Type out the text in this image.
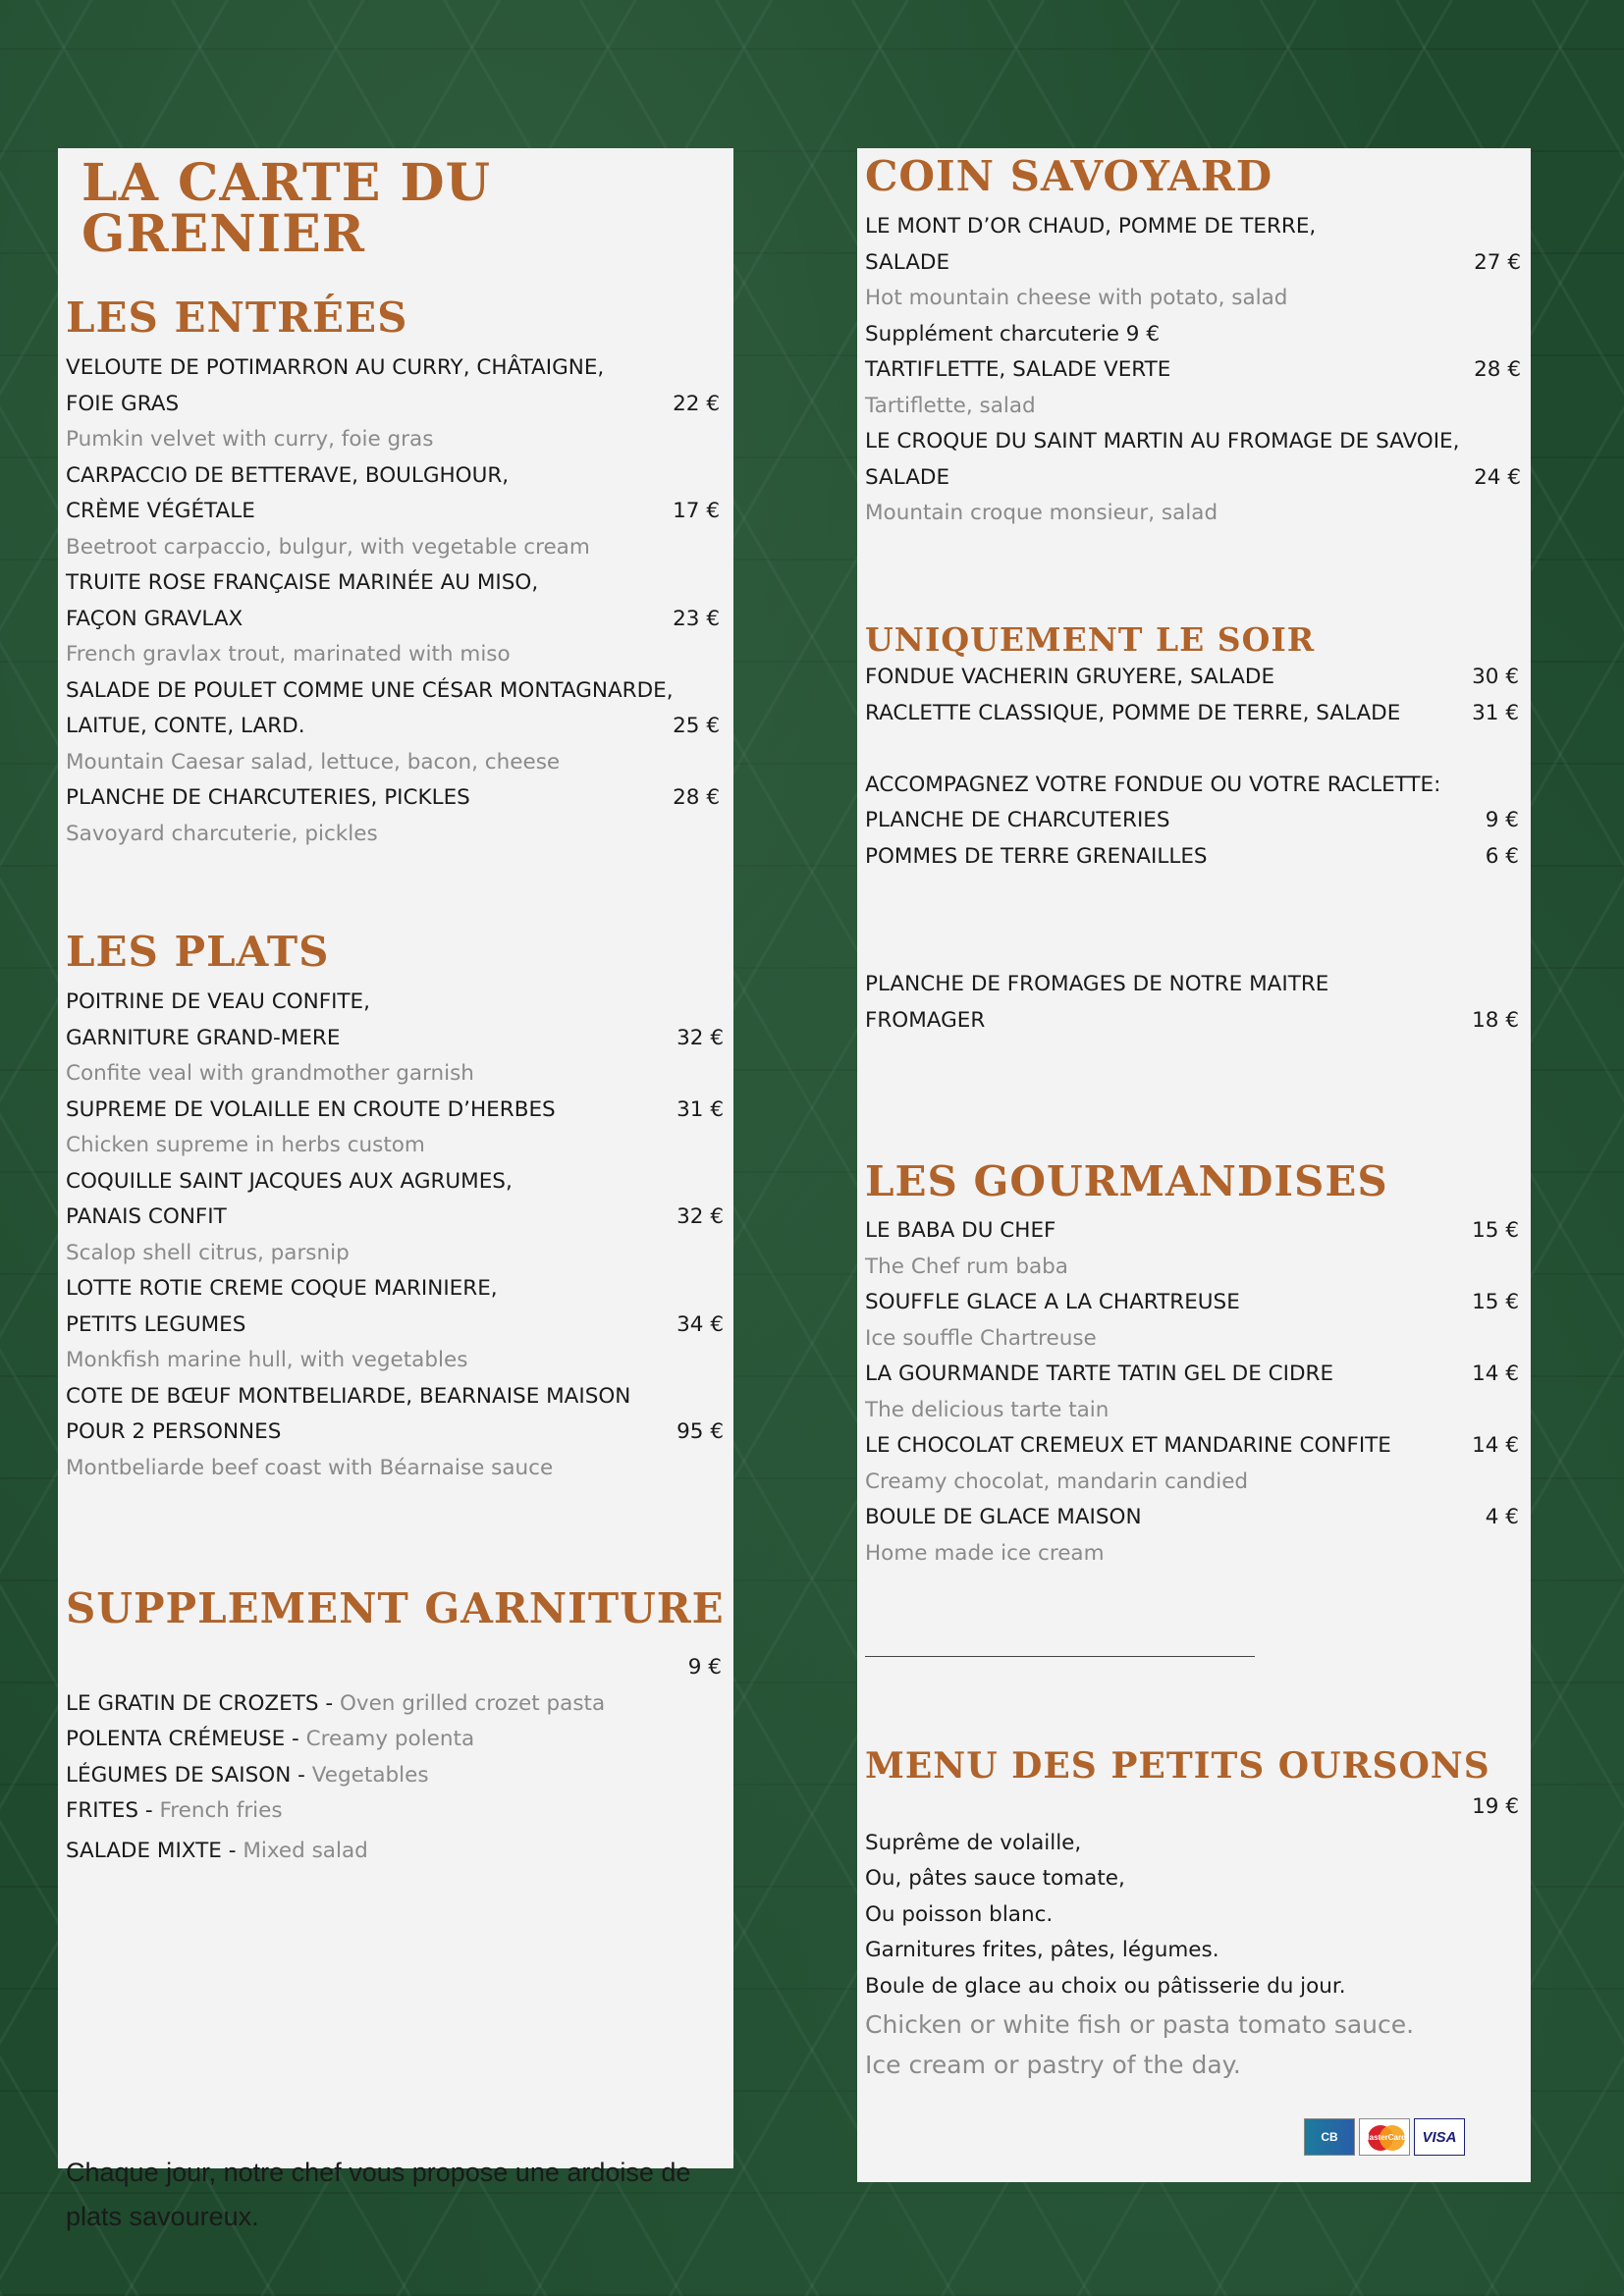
LA CARTE DU GRENIER
LES ENTRÉES
VELOUTE DE POTIMARRON AU CURRY, CHÂTAIGNE,
FOIE GRAS	22 €
Pumkin velvet with curry, foie gras
CARPACCIO DE BETTERAVE, BOULGHOUR,
CRÈME VÉGÉTALE	17 €
Beetroot carpaccio, bulgur, with vegetable cream
TRUITE ROSE FRANÇAISE MARINÉE AU MISO,
FAÇON GRAVLAX	23 €
French gravlax trout, marinated with miso
SALADE DE POULET COMME UNE CÉSAR MONTAGNARDE,
LAITUE, CONTE, LARD.	25 €
Mountain Caesar salad, lettuce, bacon, cheese
PLANCHE DE CHARCUTERIES, PICKLES	28 €
Savoyard charcuterie, pickles
LES PLATS
POITRINE DE VEAU CONFITE,
GARNITURE GRAND-MERE	32 €
Confite veal with grandmother garnish
SUPREME DE VOLAILLE EN CROUTE D’HERBES	31 €
Chicken supreme in herbs custom
COQUILLE SAINT JACQUES AUX AGRUMES,
PANAIS CONFIT	32 €
Scalop shell citrus, parsnip
LOTTE ROTIE CREME COQUE MARINIERE,
PETITS LEGUMES	34 €
Monkfish marine hull, with vegetables
COTE DE BŒUF MONTBELIARDE, BEARNAISE MAISON
POUR 2 PERSONNES	95 €
Montbeliarde beef coast with Béarnaise sauce
SUPPLEMENT GARNITURE
9 €
LE GRATIN DE CROZETS - Oven grilled crozet pasta
POLENTA CRÉMEUSE - Creamy polenta
LÉGUMES DE SAISON - Vegetables
FRITES - French fries
SALADE MIXTE - Mixed salad
Chaque jour, notre chef vous propose une ardoise de
plats savoureux.
COIN SAVOYARD
LE MONT D’OR CHAUD, POMME DE TERRE,
SALADE	27 €
Hot mountain cheese with potato, salad
Supplément charcuterie 9 €
TARTIFLETTE, SALADE VERTE	28 €
Tartiflette, salad
LE CROQUE DU SAINT MARTIN AU FROMAGE DE SAVOIE,
SALADE	24 €
Mountain croque monsieur, salad
UNIQUEMENT LE SOIR
FONDUE VACHERIN GRUYERE, SALADE	30 €
RACLETTE CLASSIQUE, POMME DE TERRE, SALADE	31 €
ACCOMPAGNEZ VOTRE FONDUE OU VOTRE RACLETTE:
PLANCHE DE CHARCUTERIES	9 €
POMMES DE TERRE GRENAILLES	6 €
PLANCHE DE FROMAGES DE NOTRE MAITRE
FROMAGER	18 €
LES GOURMANDISES
LE BABA DU CHEF	15 €
The Chef rum baba
SOUFFLE GLACE A LA CHARTREUSE	15 €
Ice souffle Chartreuse
LA GOURMANDE TARTE TATIN GEL DE CIDRE	14 €
The delicious tarte tain
LE CHOCOLAT CREMEUX ET MANDARINE CONFITE	14 €
Creamy chocolat, mandarin candied
BOULE DE GLACE MAISON	4 €
Home made ice cream
MENU DES PETITS OURSONS
19 €
Suprême de volaille,
Ou, pâtes sauce tomate,
Ou poisson blanc.
Garnitures frites, pâtes, légumes.
Boule de glace au choix ou pâtisserie du jour.
Chicken or white fish or pasta tomato sauce.
Ice cream or pastry of the day.
CB	MasterCard VISA
